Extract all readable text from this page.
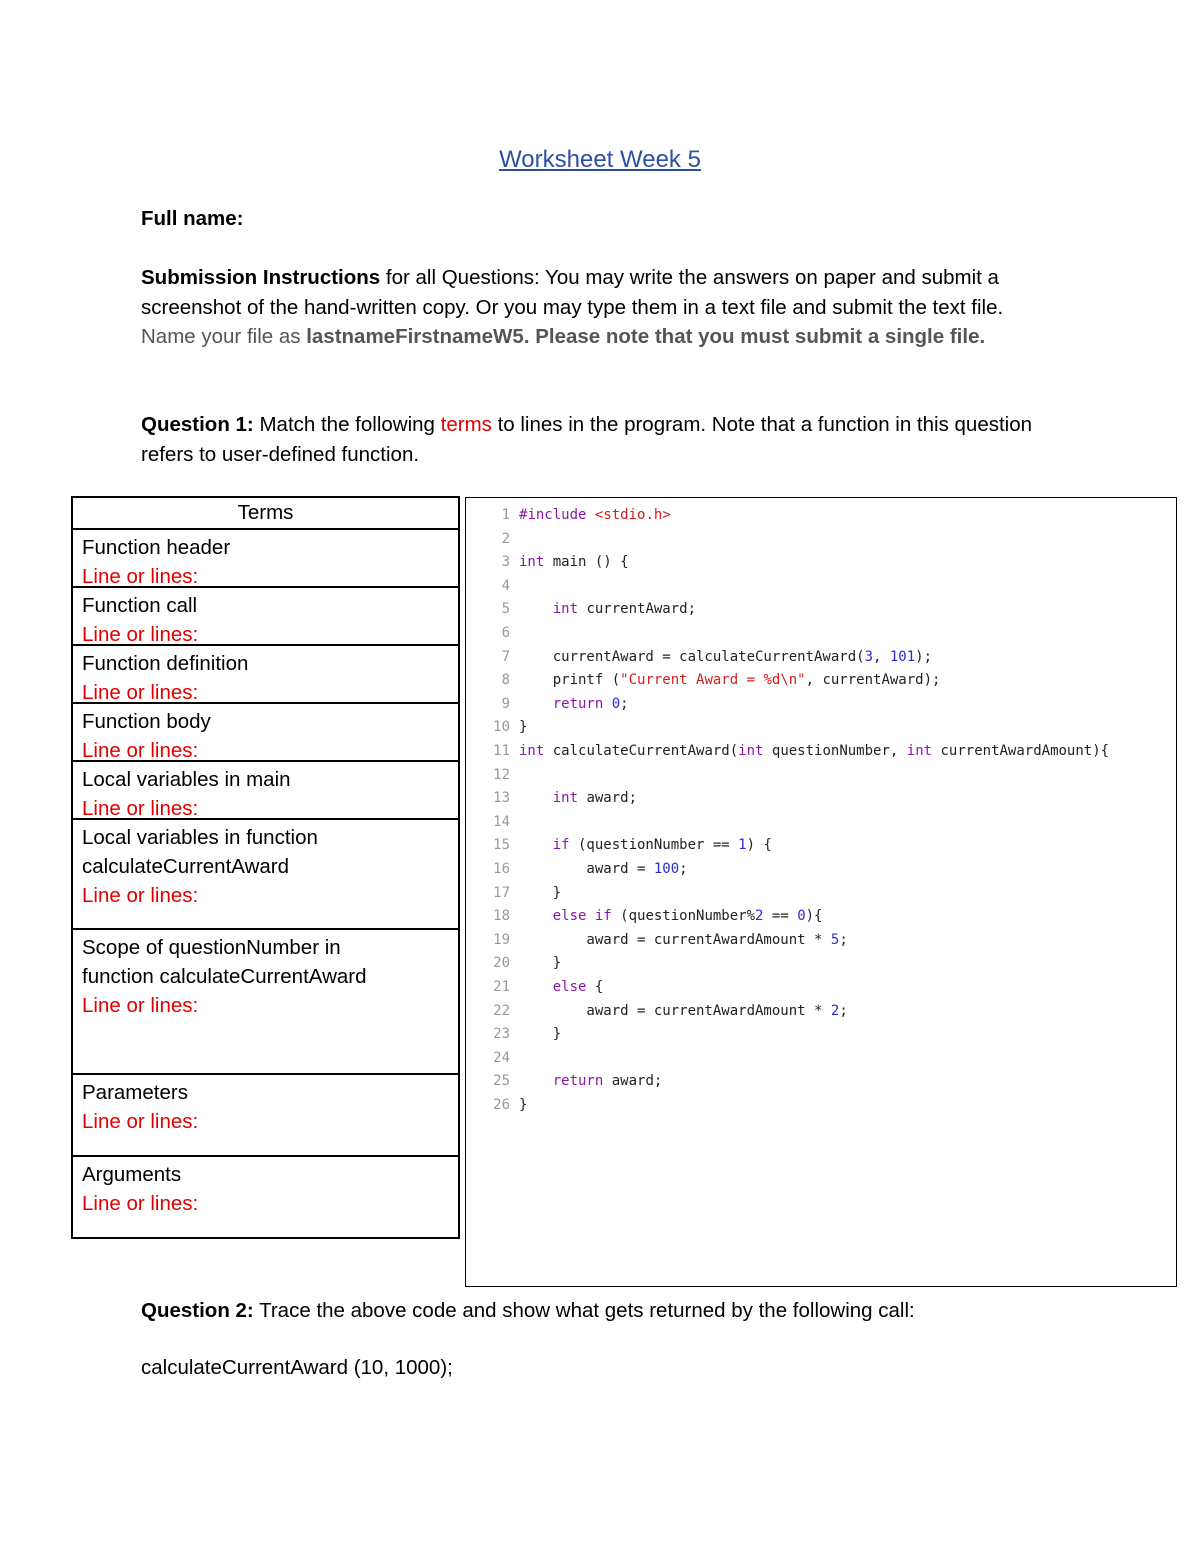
Worksheet Week 5
Full name:
Submission Instructions for all Questions: You may write the answers on paper and submit a screenshot of the hand-written copy. Or you may type them in a text file and submit the text file. Name your file as lastnameFirstnameW5. Please note that you must submit a single file.
Question 1: Match the following terms to lines in the program. Note that a function in this question refers to user-defined function.
Terms
Function header
Line or lines:
Function call
Line or lines:
Function definition
Line or lines:
Function body
Line or lines:
Local variables in main
Line or lines:
Local variables in function calculateCurrentAward
Line or lines:
Scope of questionNumber in function calculateCurrentAward
Line or lines:
Parameters
Line or lines:
Arguments
Line or lines:
1 #include <stdio.h>
2
3 int main () {
4
5	int currentAward;
6
7 currentAward = calculateCurrentAward(3, 101);
8 printf ("Current Award = %d\n", currentAward);
9	return 0;
10 }
11 int calculateCurrentAward(int questionNumber, int currentAwardAmount){
12
13	int award;
14
15	if (questionNumber == 1) {
16 award = 100;
17 }
18	else if (questionNumber%2 == 0){
19 award = currentAwardAmount * 5;
20 }
21	else {
22 award = currentAwardAmount * 2;
23 }
24
25	return award;
26 }
Question 2: Trace the above code and show what gets returned by the following call:
calculateCurrentAward (10, 1000);
